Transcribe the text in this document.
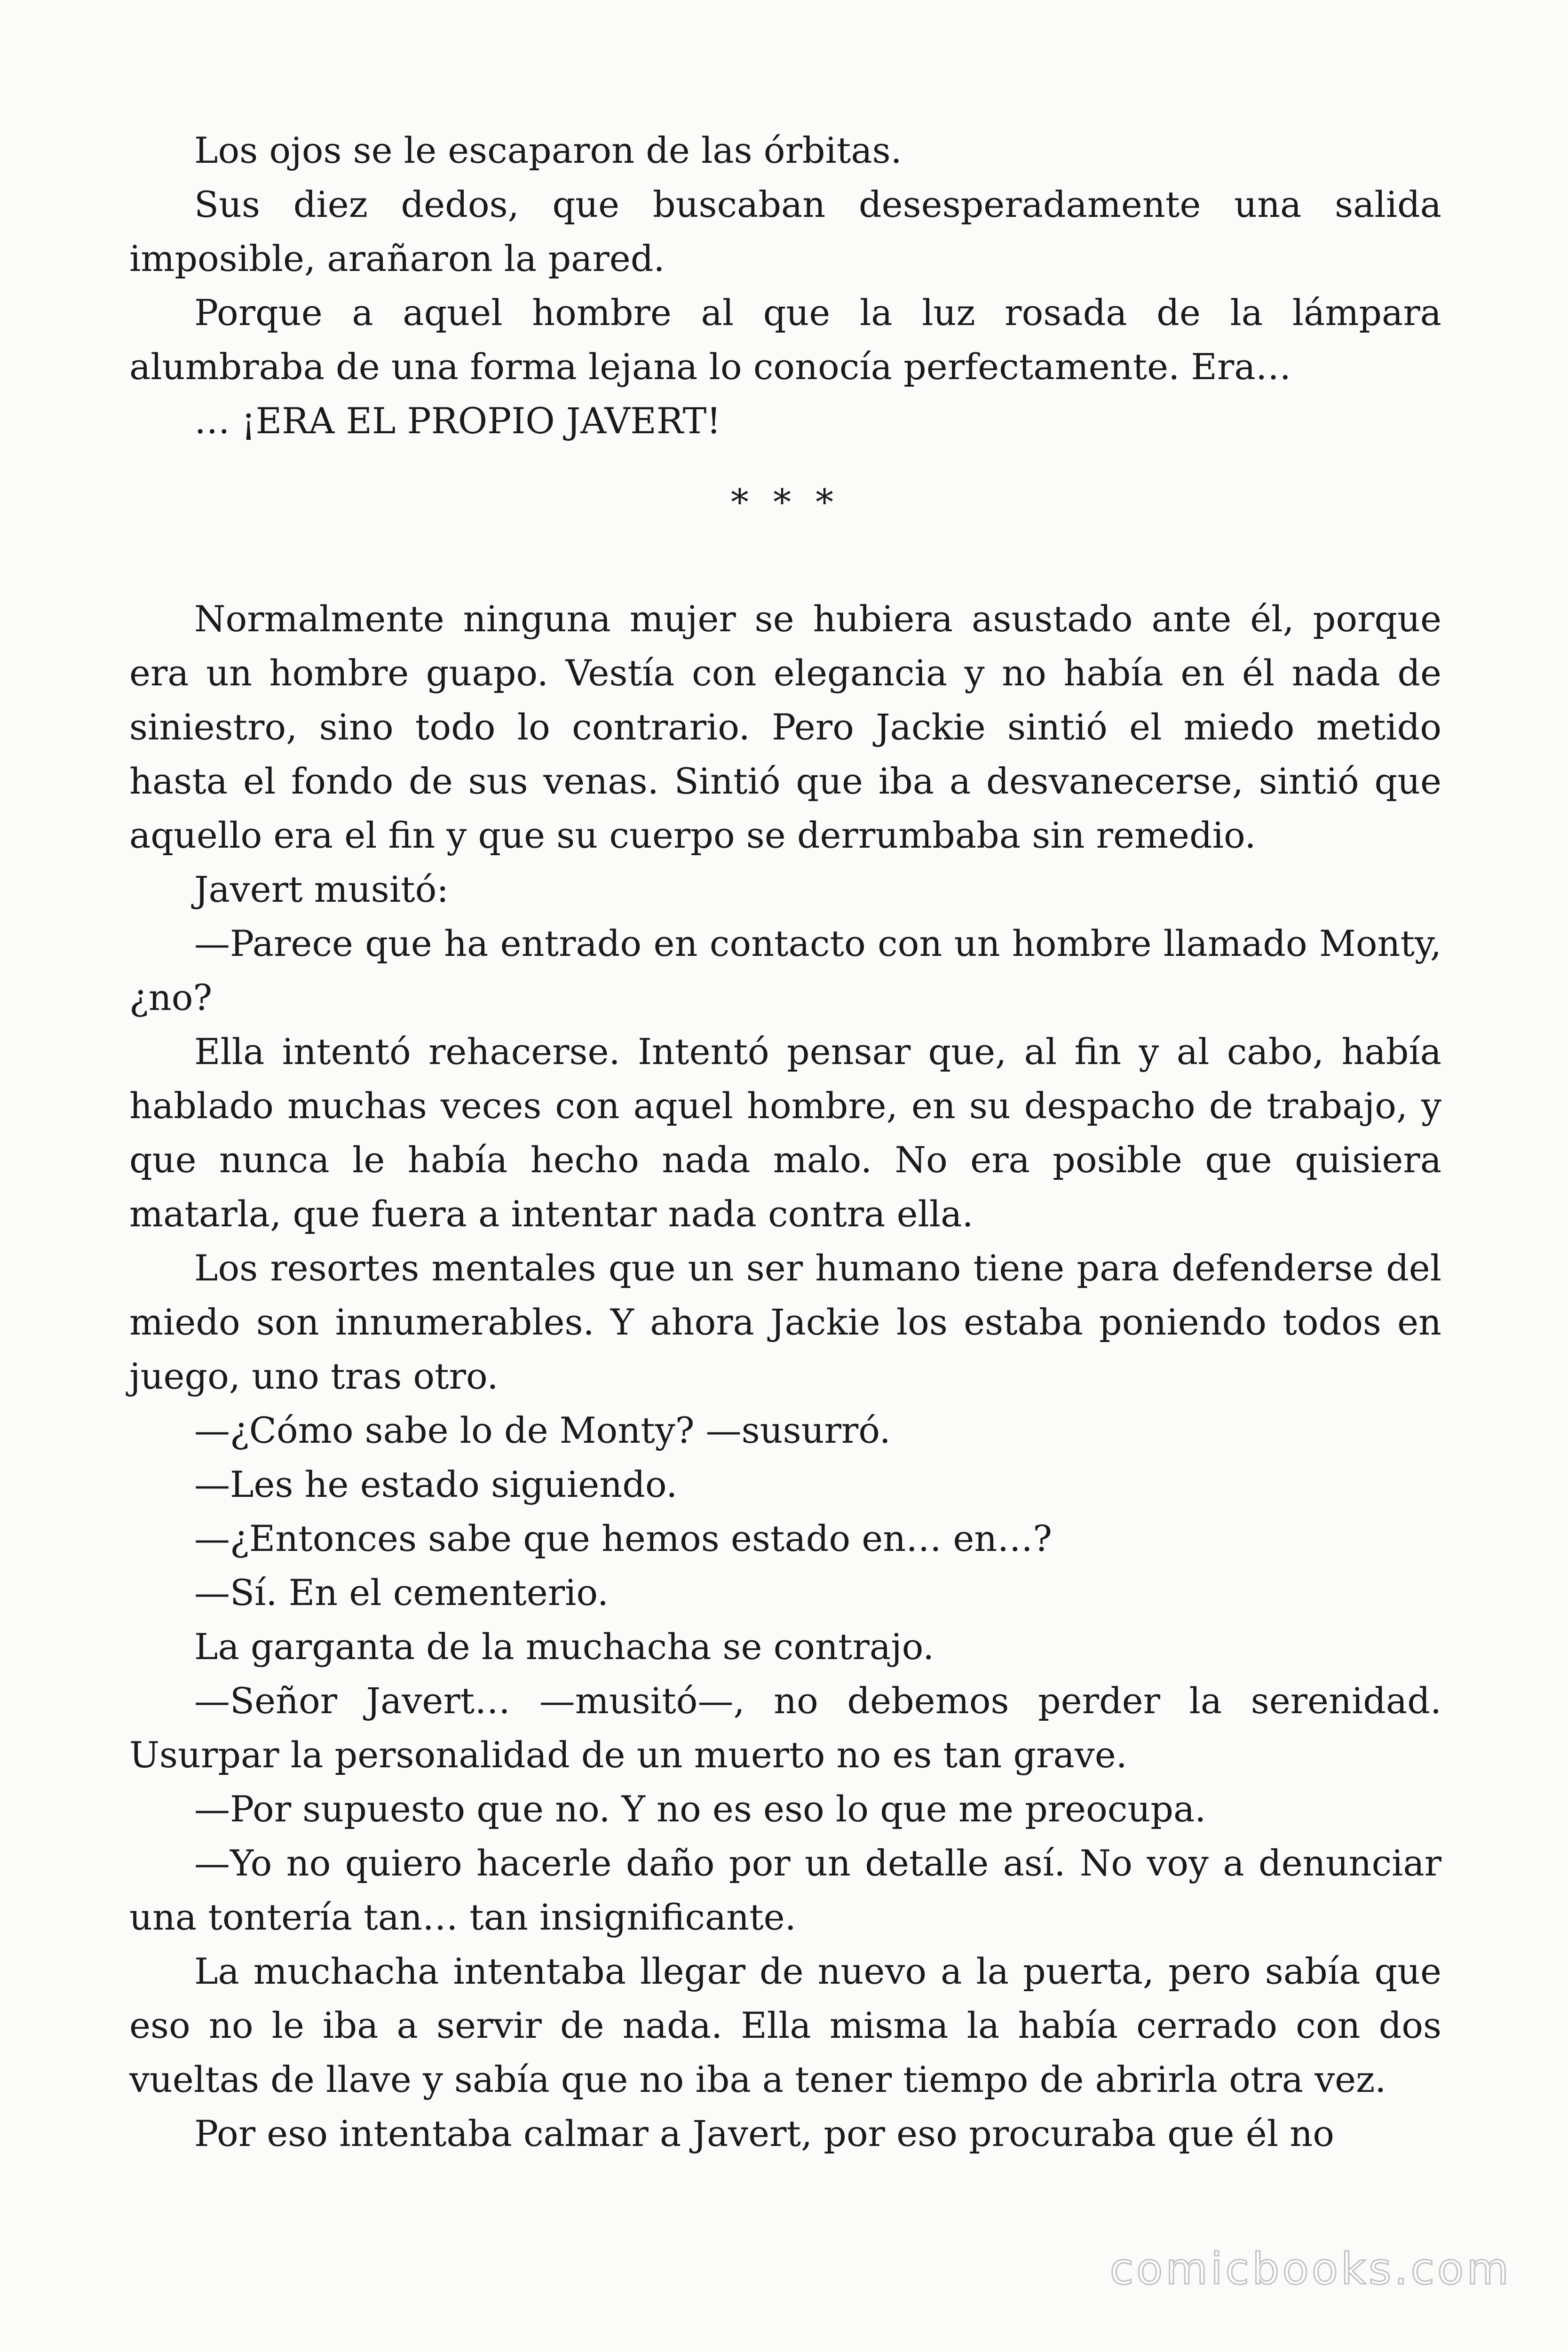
Los ojos se le escaparon de las órbitas.

Sus diez dedos, que buscaban desesperadamente una salida imposible, arañaron la pared.

Porque a aquel hombre al que la luz rosada de la lámpara alumbraba de una forma lejana lo conocía perfectamente. Era…

… ¡ERA EL PROPIO JAVERT!

* * *

Normalmente ninguna mujer se hubiera asustado ante él, porque era un hombre guapo. Vestía con elegancia y no había en él nada de siniestro, sino todo lo contrario. Pero Jackie sintió el miedo metido hasta el fondo de sus venas. Sintió que iba a desvanecerse, sintió que aquello era el fin y que su cuerpo se derrumbaba sin remedio.

Javert musitó:

—Parece que ha entrado en contacto con un hombre llamado Monty, ¿no?

Ella intentó rehacerse. Intentó pensar que, al fin y al cabo, había hablado muchas veces con aquel hombre, en su despacho de trabajo, y que nunca le había hecho nada malo. No era posible que quisiera matarla, que fuera a intentar nada contra ella.

Los resortes mentales que un ser humano tiene para defenderse del miedo son innumerables. Y ahora Jackie los estaba poniendo todos en juego, uno tras otro.

—¿Cómo sabe lo de Monty? —susurró.

—Les he estado siguiendo.

—¿Entonces sabe que hemos estado en… en…?

—Sí. En el cementerio.

La garganta de la muchacha se contrajo.

—Señor Javert… —musitó—, no debemos perder la serenidad. Usurpar la personalidad de un muerto no es tan grave.

—Por supuesto que no. Y no es eso lo que me preocupa.

—Yo no quiero hacerle daño por un detalle así. No voy a denunciar una tontería tan… tan insignificante.

La muchacha intentaba llegar de nuevo a la puerta, pero sabía que eso no le iba a servir de nada. Ella misma la había cerrado con dos vueltas de llave y sabía que no iba a tener tiempo de abrirla otra vez.

Por eso intentaba calmar a Javert, por eso procuraba que él no

comicbooks.com
